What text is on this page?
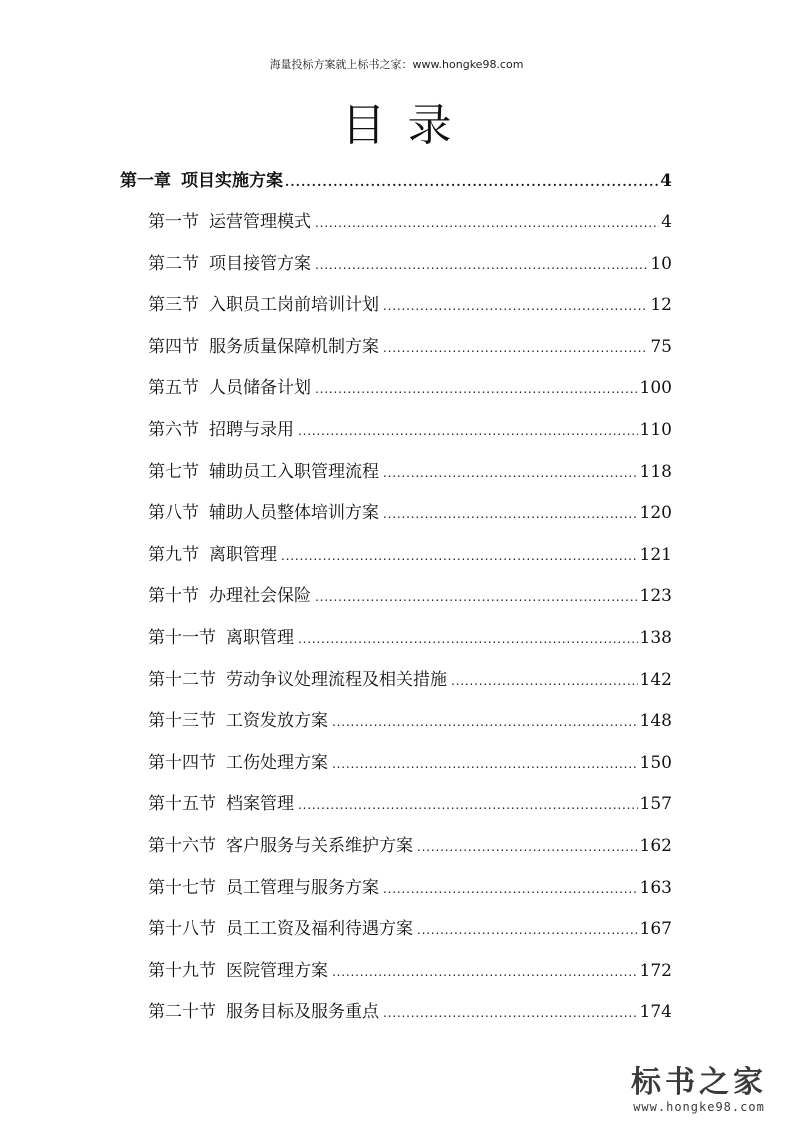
海量投标方案就上标书之家：www.hongke98.com
目录
第一章 项目实施方案 . . .	4
第一节 运营管理模式 . . .	4
第二节 项目接管方案 . . .	10
第三节 入职员工岗前培训计划 . . .	12
第四节 服务质量保障机制方案 . . .	75
第五节 人员储备计划 . . .	100
第六节 招聘与录用 . . .	110
第七节 辅助员工入职管理流程 . . .	118
第八节 辅助人员整体培训方案 . . .	120
第九节 离职管理 . . .	121
第十节 办理社会保险 . . .	123
第十一节 离职管理 . . .	138
第十二节 劳动争议处理流程及相关措施 . . .	142
第十三节 工资发放方案 . . .	148
第十四节 工伤处理方案 . . .	150
第十五节 档案管理 . . .	157
第十六节 客户服务与关系维护方案 . . .	162
第十七节 员工管理与服务方案 . . .	163
第十八节 员工工资及福利待遇方案 . . .	167
第十九节 医院管理方案 . . .	172
第二十节 服务目标及服务重点 . . .	174
标书之家
www.hongke98.com
